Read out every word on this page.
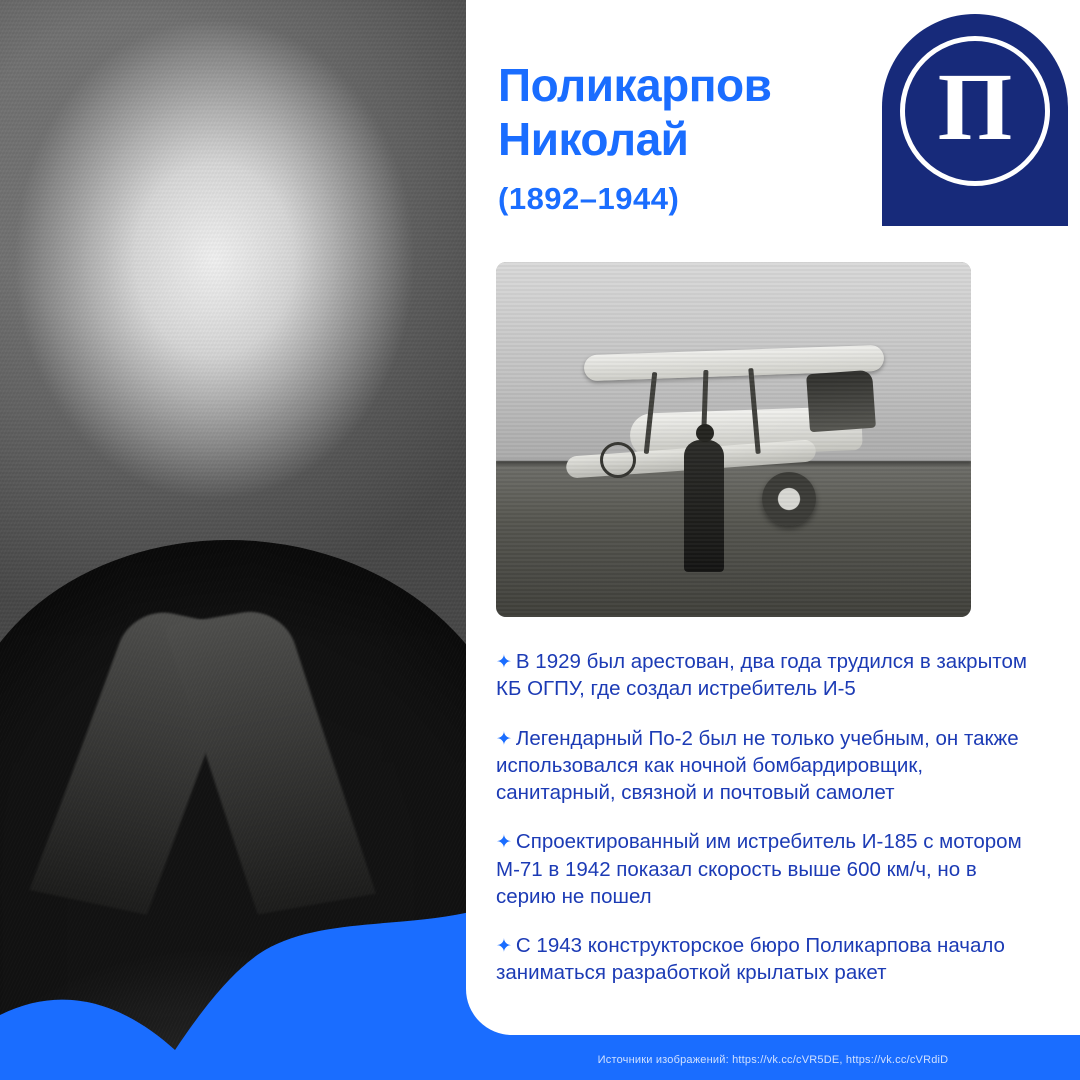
Поликарпов
Николай

(1892–1944)

П

✦ В 1929 был арестован, два года трудился в закрытом КБ ОГПУ, где создал истребитель И-5

✦ Легендарный По-2 был не только учебным, он также использовался как ночной бомбардировщик, санитарный, связной и почтовый самолет

✦ Спроектированный им истребитель И-185 с мотором М-71 в 1942 показал скорость выше 600 км/ч, но в серию не пошел

✦ С 1943 конструкторское бюро Поликарпова начало заниматься разработкой крылатых ракет

Источники изображений: https://vk.cc/cVR5DE, https://vk.cc/cVRdiD
